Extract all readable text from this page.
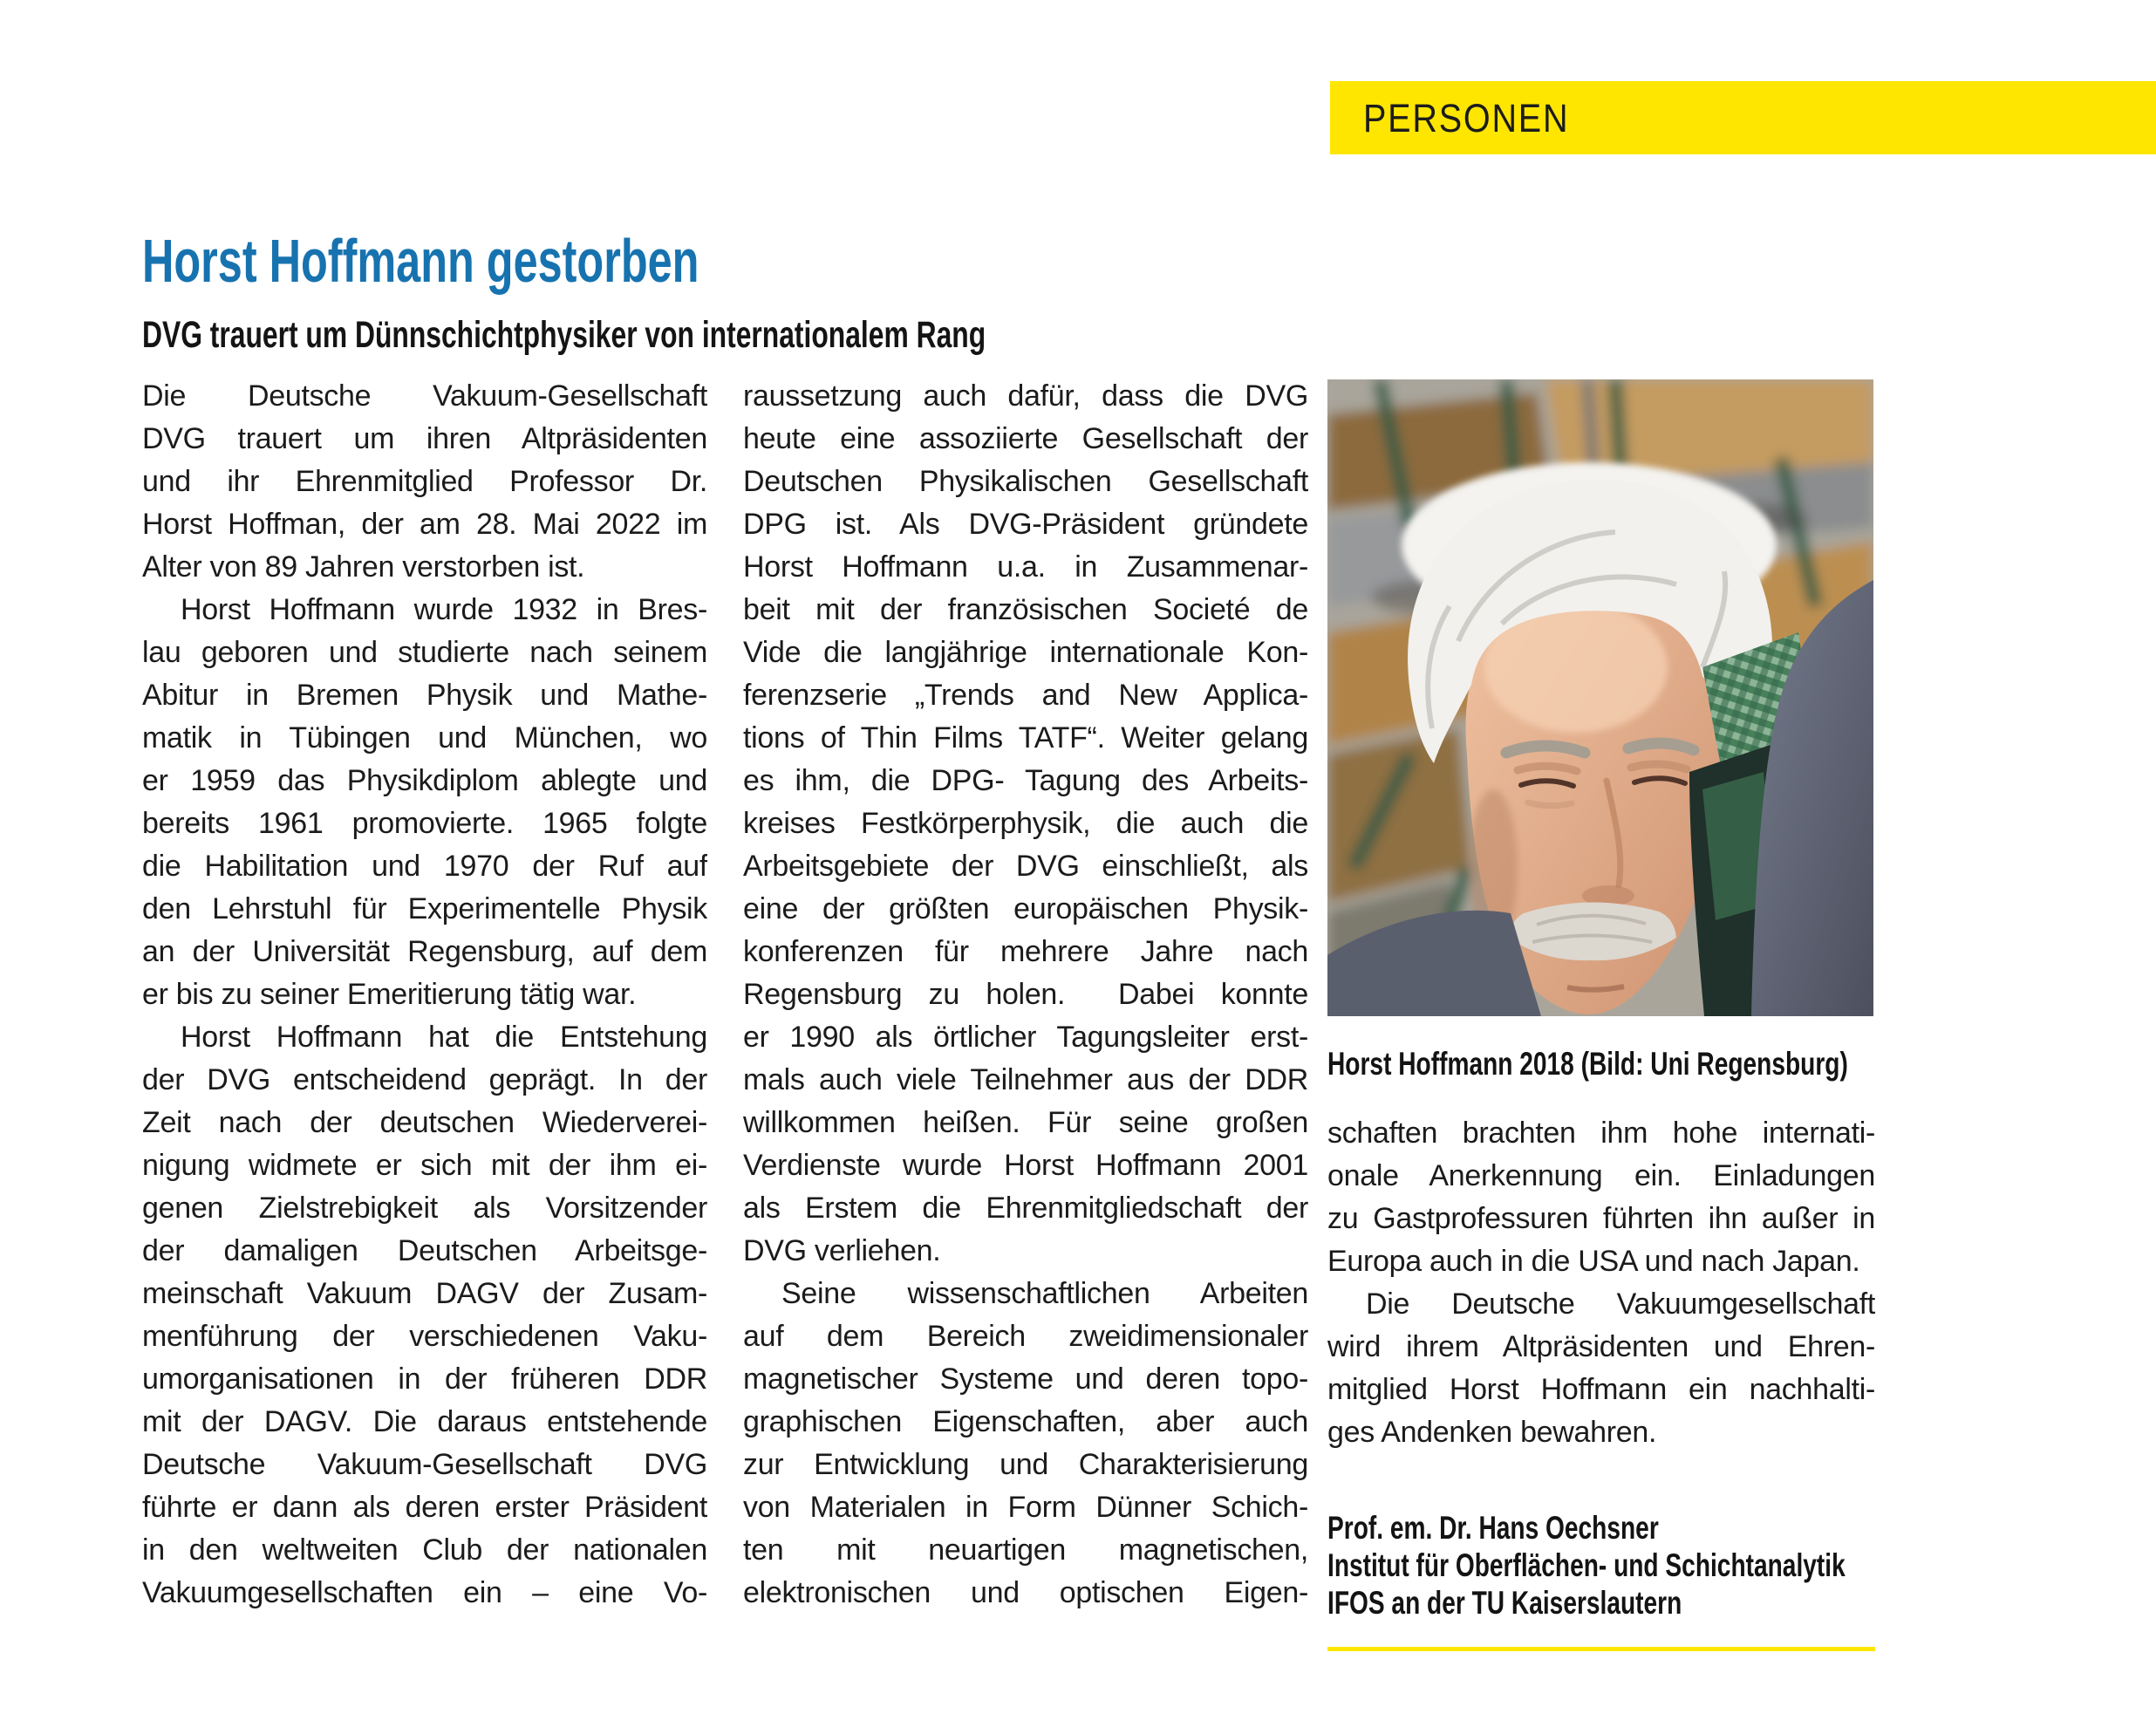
PERSONEN
Horst Hoffmann gestorben
DVG trauert um Dünnschichtphysiker von internationalem Rang
Die Deutsche Vakuum-Gesellschaft
DVG trauert um ihren Altpräsidenten
und ihr Ehrenmitglied Professor Dr.
Horst Hoffman, der am 28. Mai 2022 im
Alter von 89 Jahren verstorben ist.
Horst Hoffmann wurde 1932 in Bres-
lau geboren und studierte nach seinem
Abitur in Bremen Physik und Mathe-
matik in Tübingen und München, wo
er 1959 das Physikdiplom ablegte und
bereits 1961 promovierte. 1965 folgte
die Habilitation und 1970 der Ruf auf
den Lehrstuhl für Experimentelle Physik
an der Universität Regensburg, auf dem
er bis zu seiner Emeritierung tätig war.
Horst Hoffmann hat die Entstehung
der DVG entscheidend geprägt. In der
Zeit nach der deutschen Wiederverei-
nigung widmete er sich mit der ihm ei-
genen Zielstrebigkeit als Vorsitzender
der damaligen Deutschen Arbeitsge-
meinschaft Vakuum DAGV der Zusam-
menführung der verschiedenen Vaku-
umorganisationen in der früheren DDR
mit der DAGV. Die daraus entstehende
Deutsche Vakuum-Gesellschaft DVG
führte er dann als deren erster Präsident
in den weltweiten Club der nationalen
Vakuumgesellschaften ein – eine Vo-
raussetzung auch dafür, dass die DVG
heute eine assoziierte Gesellschaft der
Deutschen Physikalischen Gesellschaft
DPG ist. Als DVG-Präsident gründete
Horst Hoffmann u.a. in Zusammenar-
beit mit der französischen Societé de
Vide die langjährige internationale Kon-
ferenzserie „Trends and New Applica-
tions of Thin Films TATF“. Weiter gelang
es ihm, die DPG- Tagung des Arbeits-
kreises Festkörperphysik, die auch die
Arbeitsgebiete der DVG einschließt, als
eine der größten europäischen Physik-
konferenzen für mehrere Jahre nach
Regensburg zu holen.  Dabei konnte
er 1990 als örtlicher Tagungsleiter erst-
mals auch viele Teilnehmer aus der DDR
willkommen heißen. Für seine großen
Verdienste wurde Horst Hoffmann 2001
als Erstem die Ehrenmitgliedschaft der
DVG verliehen.
Seine wissenschaftlichen Arbeiten
auf dem Bereich zweidimensionaler
magnetischer Systeme und deren topo-
graphischen Eigenschaften, aber auch
zur Entwicklung und Charakterisierung
von Materialen in Form Dünner Schich-
ten mit neuartigen magnetischen,
elektronischen und optischen Eigen-
Horst Hoffmann 2018 (Bild: Uni Regensburg)
schaften brachten ihm hohe internati-
onale Anerkennung ein. Einladungen
zu Gastprofessuren führten ihn außer in
Europa auch in die USA und nach Japan.
Die Deutsche Vakuumgesellschaft
wird ihrem Altpräsidenten und Ehren-
mitglied Horst Hoffmann ein nachhalti-
ges Andenken bewahren.
Prof. em. Dr. Hans Oechsner
Institut für Oberflächen- und Schichtanalytik
IFOS an der TU Kaiserslautern
